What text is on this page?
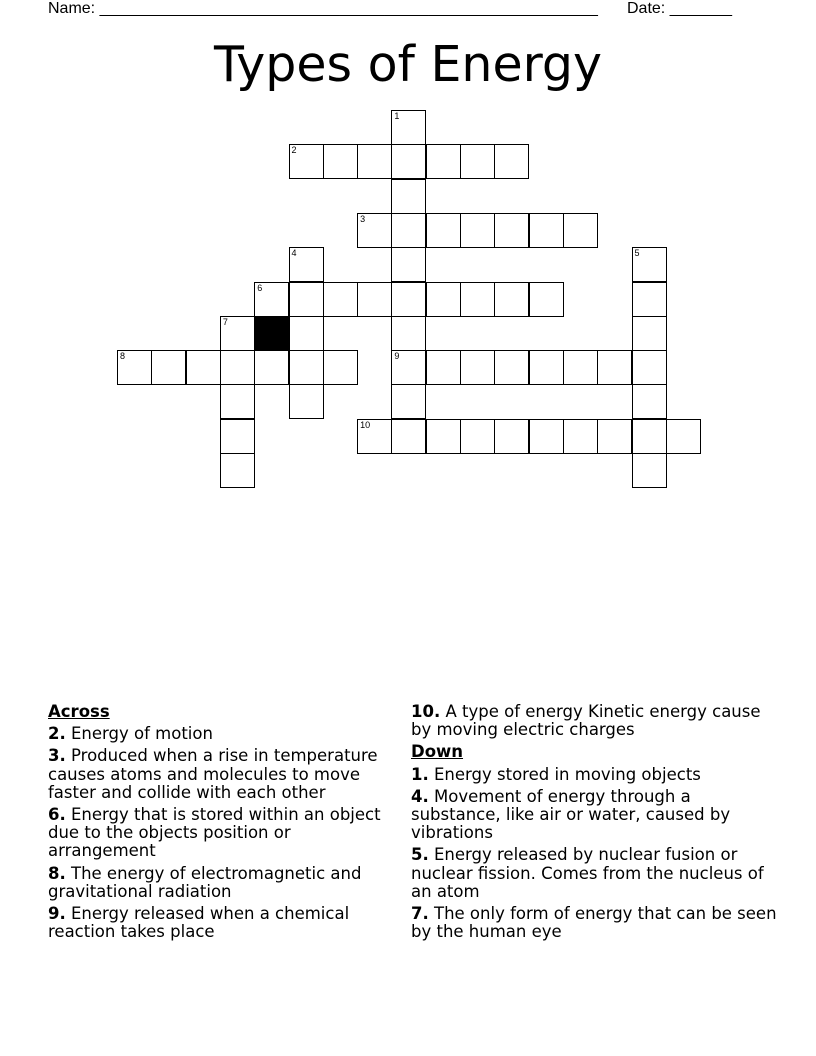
Name: ________________________________________________________ Date: _______
Types of Energy
1
9
2
3
4	5
6
7
8
10
Across
2. Energy of motion
3. Produced when a rise in temperature causes atoms and molecules to move faster and collide with each other
6. Energy that is stored within an object due to the objects position or arrangement
8. The energy of electromagnetic and gravitational radiation
9. Energy released when a chemical reaction takes place
10. A type of energy Kinetic energy cause by moving electric charges
Down
1. Energy stored in moving objects
4. Movement of energy through a substance, like air or water, caused by vibrations
5. Energy released by nuclear fusion or nuclear fission. Comes from the nucleus of an atom
7. The only form of energy that can be seen by the human eye
